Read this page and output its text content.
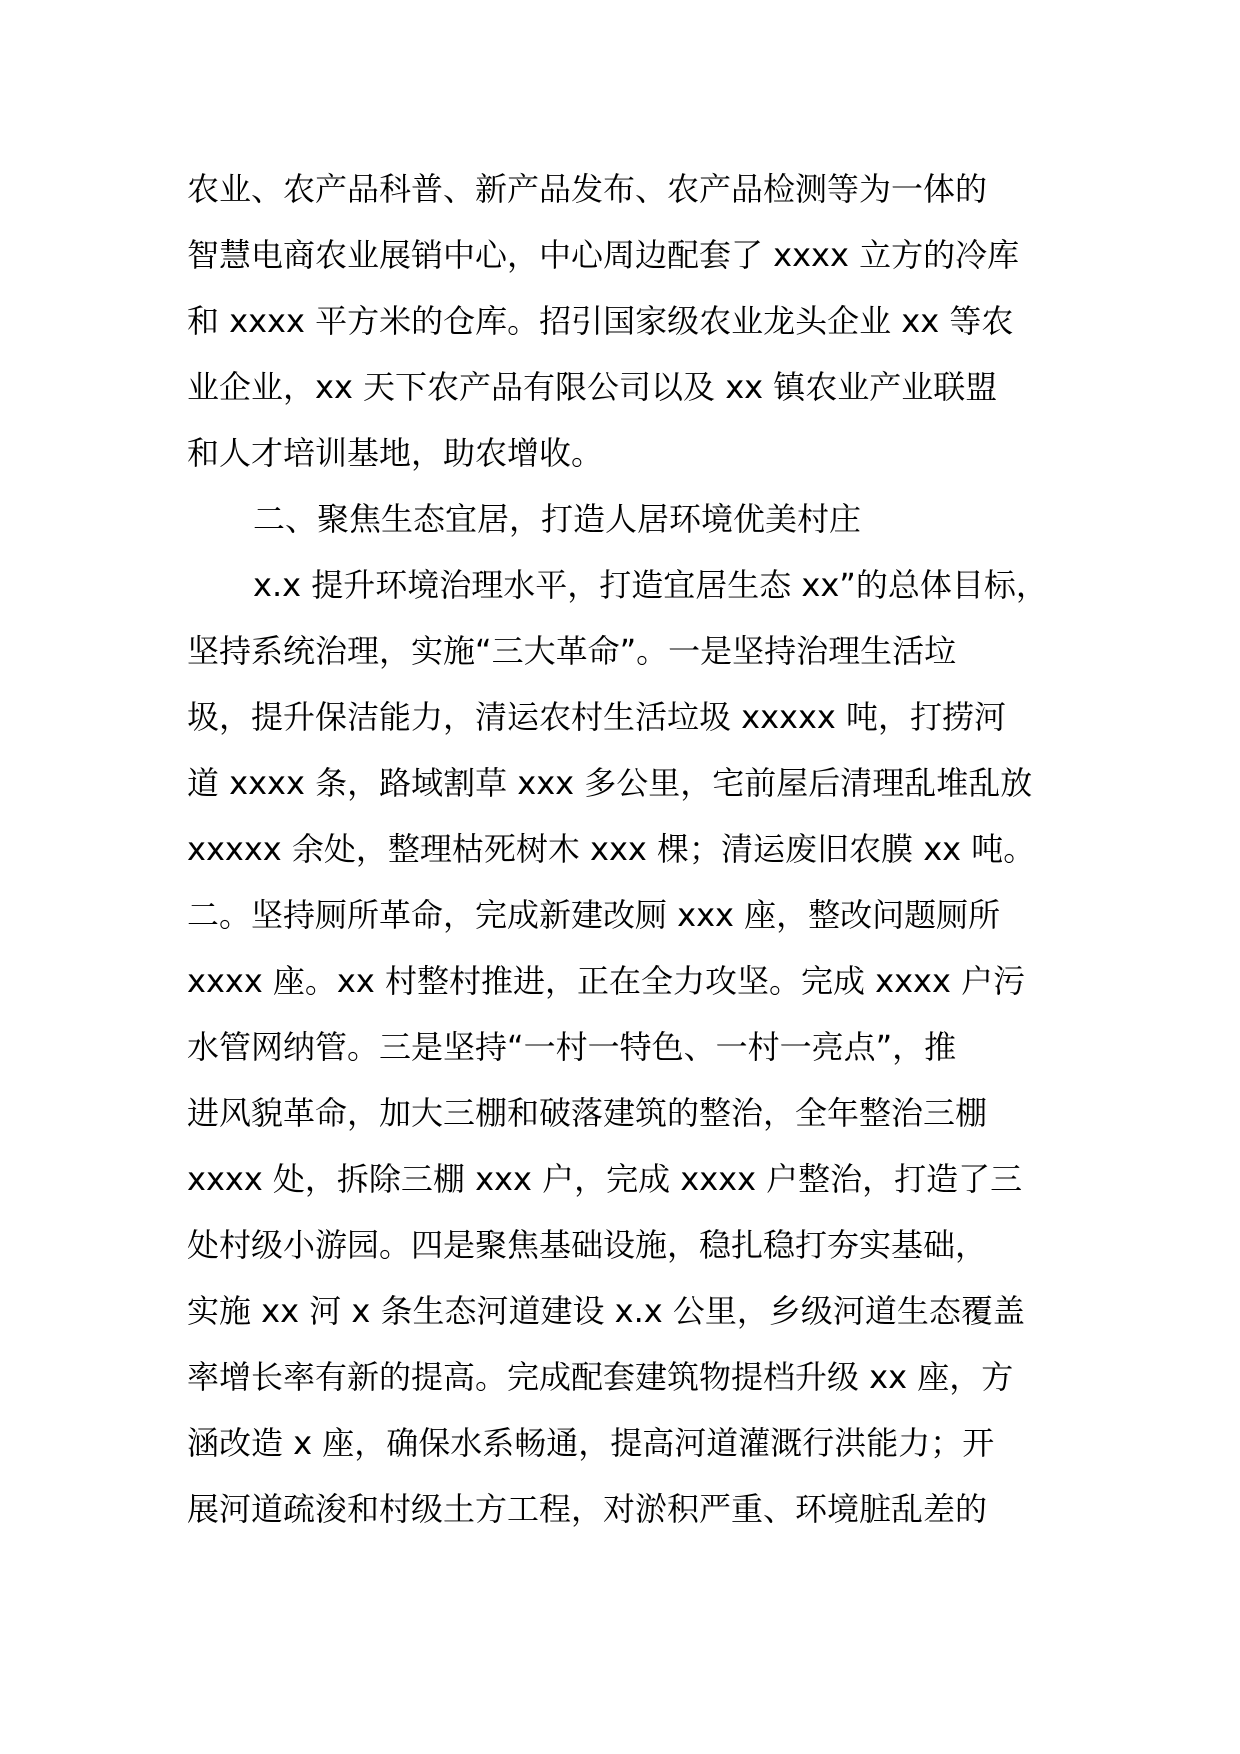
农业、农产品科普、新产品发布、农产品检测等为一体的
智慧电商农业展销中心，中心周边配套了 xxxx 立方的冷库
和 xxxx 平方米的仓库。招引国家级农业龙头企业 xx 等农
业企业，xx 天下农产品有限公司以及 xx 镇农业产业联盟
和人才培训基地，助农增收。
二、聚焦生态宜居，打造人居环境优美村庄
x.x 提升环境治理水平，打造宜居生态 xx”的总体目标，
坚持系统治理，实施“三大革命”。一是坚持治理生活垃
圾，提升保洁能力，清运农村生活垃圾 xxxxx 吨，打捞河
道 xxxx 条，路域割草 xxx 多公里，宅前屋后清理乱堆乱放
xxxxx 余处，整理枯死树木 xxx 棵；清运废旧农膜 xx 吨。
二。坚持厕所革命，完成新建改厕 xxx 座，整改问题厕所
xxxx 座。xx 村整村推进，正在全力攻坚。完成 xxxx 户污
水管网纳管。三是坚持“一村一特色、一村一亮点”，推
进风貌革命，加大三棚和破落建筑的整治，全年整治三棚
xxxx 处，拆除三棚 xxx 户，完成 xxxx 户整治，打造了三
处村级小游园。四是聚焦基础设施，稳扎稳打夯实基础，
实施 xx 河 x 条生态河道建设 x.x 公里，乡级河道生态覆盖
率增长率有新的提高。完成配套建筑物提档升级 xx 座，方
涵改造 x 座，确保水系畅通，提高河道灌溉行洪能力；开
展河道疏浚和村级土方工程，对淤积严重、环境脏乱差的
